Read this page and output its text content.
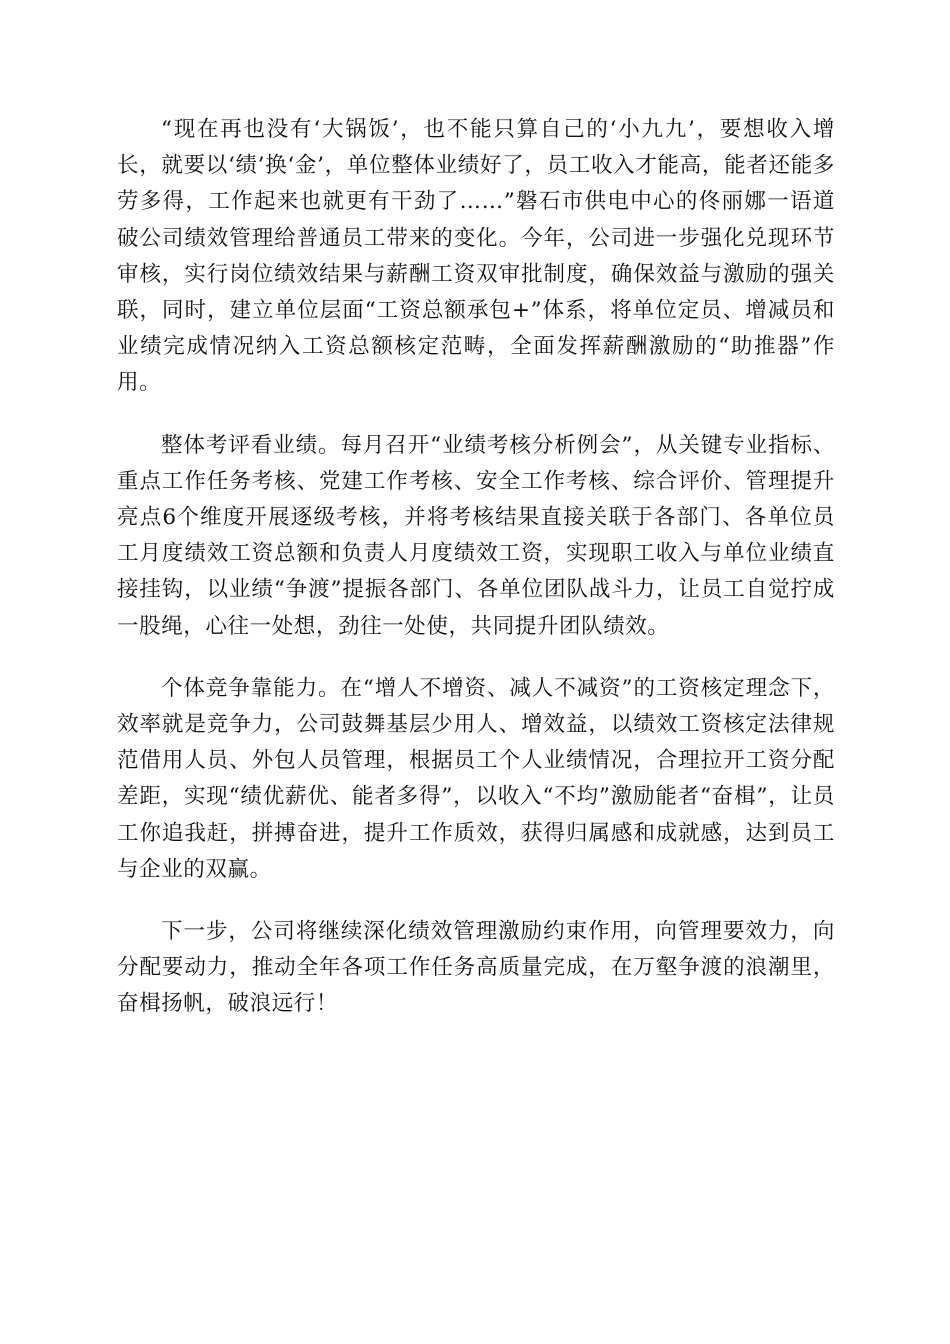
“现在再也没有‘大锅饭’，也不能只算自己的‘小九九’，要想收入增长，就要以‘绩’换‘金’，单位整体业绩好了，员工收入才能高，能者还能多劳多得，工作起来也就更有干劲了……”磐石市供电中心的佟丽娜一语道破公司绩效管理给普通员工带来的变化。今年，公司进一步强化兑现环节审核，实行岗位绩效结果与薪酬工资双审批制度，确保效益与激励的强关联，同时，建立单位层面“工资总额承包+”体系，将单位定员、增减员和业绩完成情况纳入工资总额核定范畴，全面发挥薪酬激励的“助推器”作用。

整体考评看业绩。每月召开“业绩考核分析例会”，从关键专业指标、重点工作任务考核、党建工作考核、安全工作考核、综合评价、管理提升亮点6个维度开展逐级考核，并将考核结果直接关联于各部门、各单位员工月度绩效工资总额和负责人月度绩效工资，实现职工收入与单位业绩直接挂钩，以业绩“争渡”提振各部门、各单位团队战斗力，让员工自觉拧成一股绳，心往一处想，劲往一处使，共同提升团队绩效。

个体竞争靠能力。在“增人不增资、减人不减资”的工资核定理念下，效率就是竞争力，公司鼓舞基层少用人、增效益，以绩效工资核定法律规范借用人员、外包人员管理，根据员工个人业绩情况，合理拉开工资分配差距，实现“绩优薪优、能者多得”，以收入“不均”激励能者“奋楫”，让员工你追我赶，拼搏奋进，提升工作质效，获得归属感和成就感，达到员工与企业的双赢。

下一步，公司将继续深化绩效管理激励约束作用，向管理要效力，向分配要动力，推动全年各项工作任务高质量完成，在万壑争渡的浪潮里，奋楫扬帆，破浪远行！
